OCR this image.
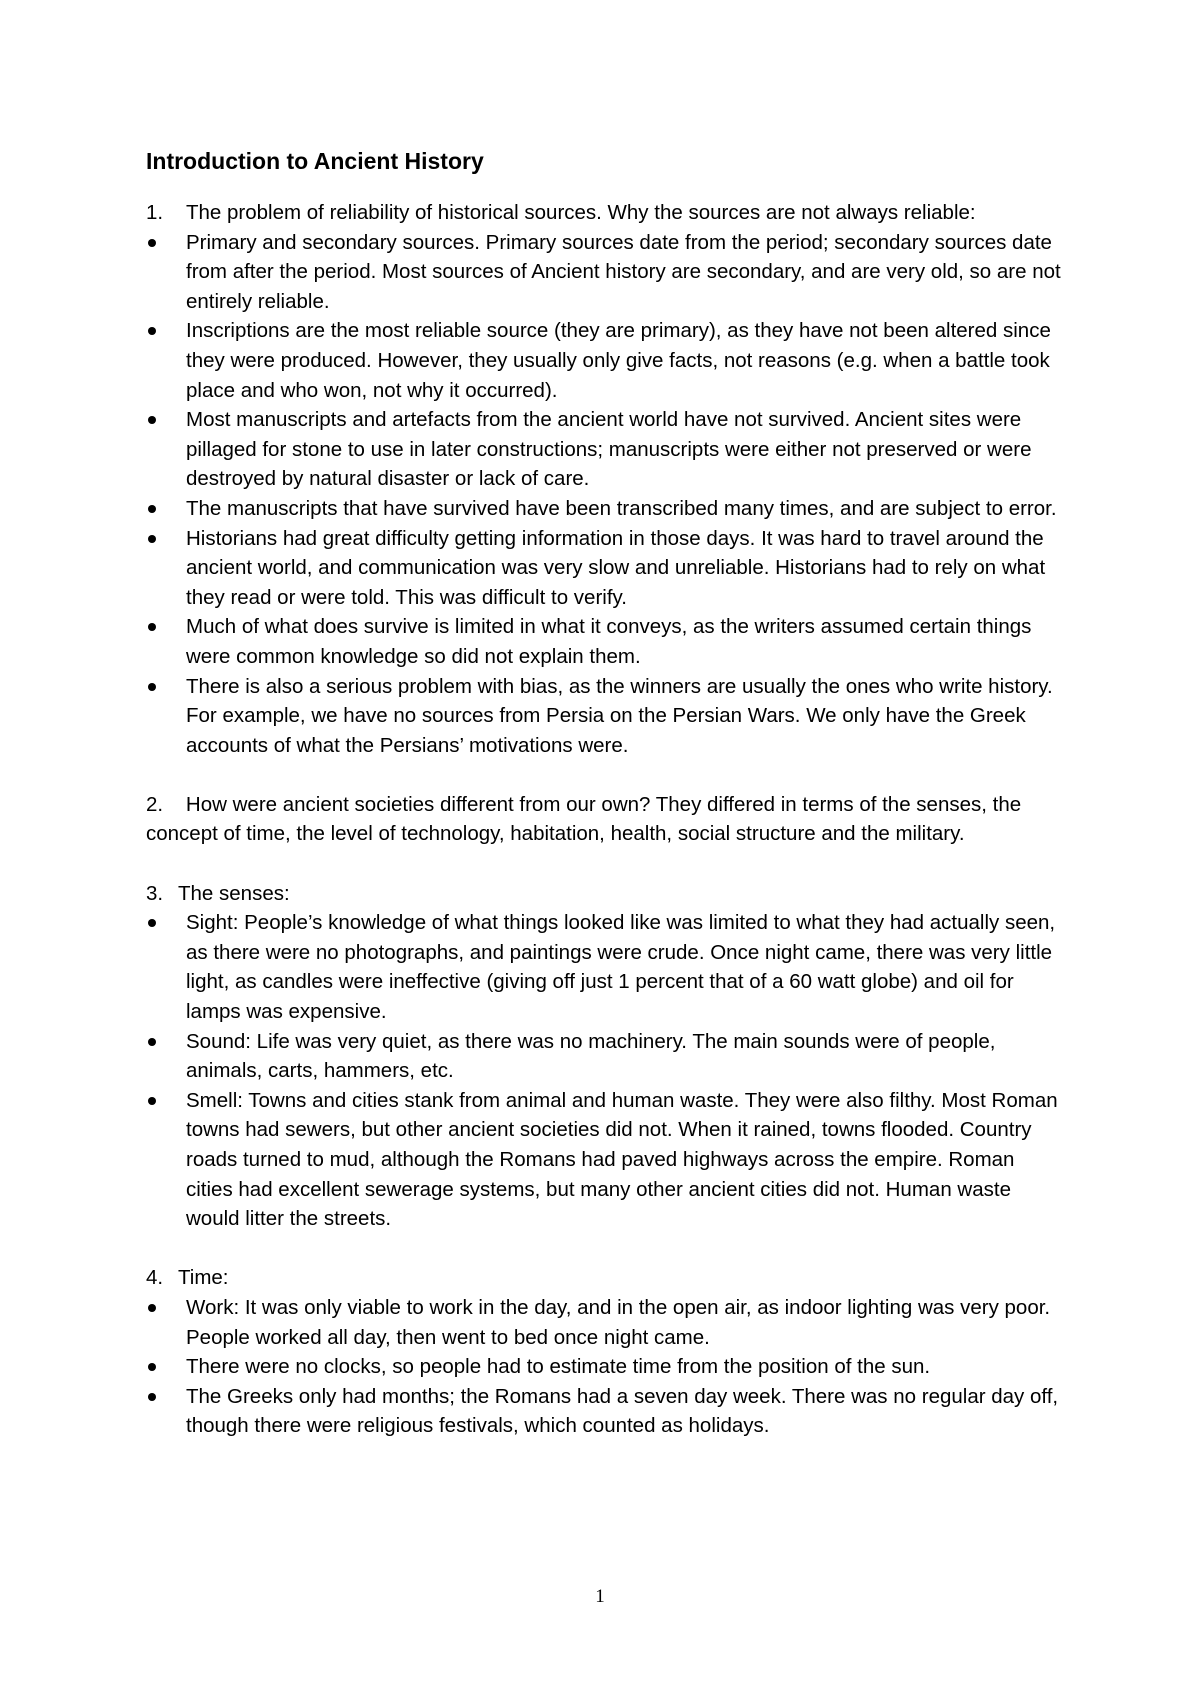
Introduction to Ancient History
1. The problem of reliability of historical sources. Why the sources are not always reliable:
Primary and secondary sources. Primary sources date from the period; secondary sources date from after the period. Most sources of Ancient history are secondary, and are very old, so are not entirely reliable.
Inscriptions are the most reliable source (they are primary), as they have not been altered since they were produced. However, they usually only give facts, not reasons (e.g. when a battle took place and who won, not why it occurred).
Most manuscripts and artefacts from the ancient world have not survived. Ancient sites were pillaged for stone to use in later constructions; manuscripts were either not preserved or were destroyed by natural disaster or lack of care.
The manuscripts that have survived have been transcribed many times, and are subject to error.
Historians had great difficulty getting information in those days. It was hard to travel around the ancient world, and communication was very slow and unreliable. Historians had to rely on what they read or were told. This was difficult to verify.
Much of what does survive is limited in what it conveys, as the writers assumed certain things were common knowledge so did not explain them.
There is also a serious problem with bias, as the winners are usually the ones who write history. For example, we have no sources from Persia on the Persian Wars. We only have the Greek accounts of what the Persians’ motivations were.

2. How were ancient societies different from our own? They differed in terms of the senses, the concept of time, the level of technology, habitation, health, social structure and the military.

3. The senses:
Sight: People’s knowledge of what things looked like was limited to what they had actually seen, as there were no photographs, and paintings were crude. Once night came, there was very little light, as candles were ineffective (giving off just 1 percent that of a 60 watt globe) and oil for lamps was expensive.
Sound: Life was very quiet, as there was no machinery. The main sounds were of people, animals, carts, hammers, etc.
Smell: Towns and cities stank from animal and human waste. They were also filthy. Most Roman towns had sewers, but other ancient societies did not. When it rained, towns flooded. Country roads turned to mud, although the Romans had paved highways across the empire. Roman cities had excellent sewerage systems, but many other ancient cities did not. Human waste would litter the streets.
4. Time:
Work: It was only viable to work in the day, and in the open air, as indoor lighting was very poor. People worked all day, then went to bed once night came.
There were no clocks, so people had to estimate time from the position of the sun.
The Greeks only had months; the Romans had a seven day week. There was no regular day off, though there were religious festivals, which counted as holidays.
1
